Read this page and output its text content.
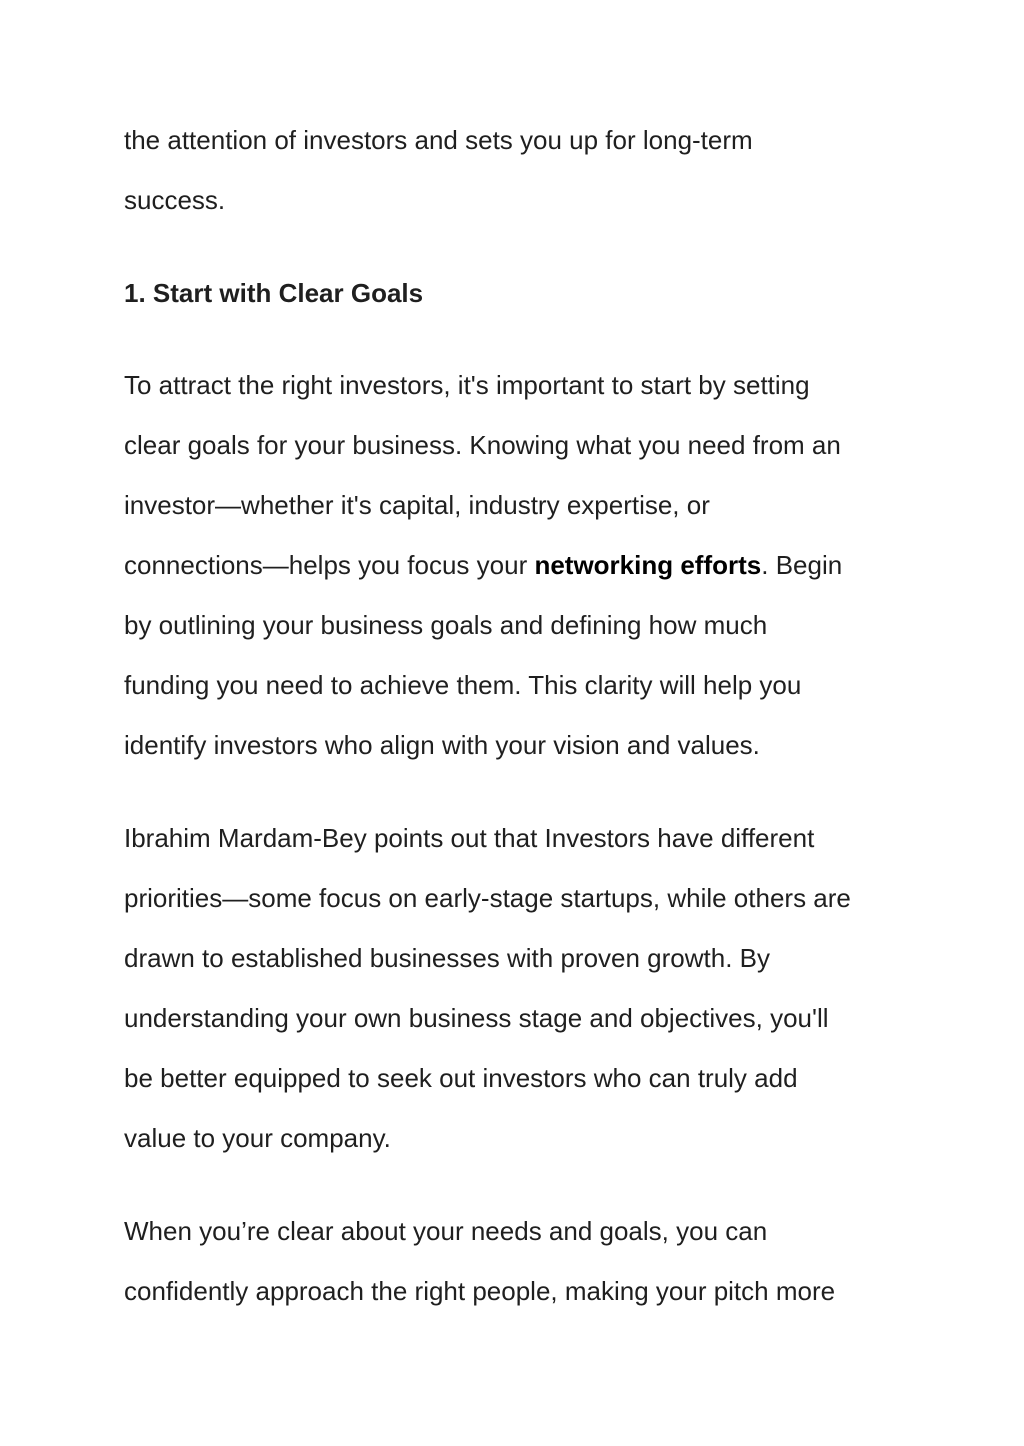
the attention of investors and sets you up for long-term
success.

1. Start with Clear Goals

To attract the right investors, it's important to start by setting
clear goals for your business. Knowing what you need from an
investor—whether it's capital, industry expertise, or
connections—helps you focus your networking efforts. Begin
by outlining your business goals and defining how much
funding you need to achieve them. This clarity will help you
identify investors who align with your vision and values.

Ibrahim Mardam-Bey points out that Investors have different
priorities—some focus on early-stage startups, while others are
drawn to established businesses with proven growth. By
understanding your own business stage and objectives, you'll
be better equipped to seek out investors who can truly add
value to your company.

When you’re clear about your needs and goals, you can
confidently approach the right people, making your pitch more
